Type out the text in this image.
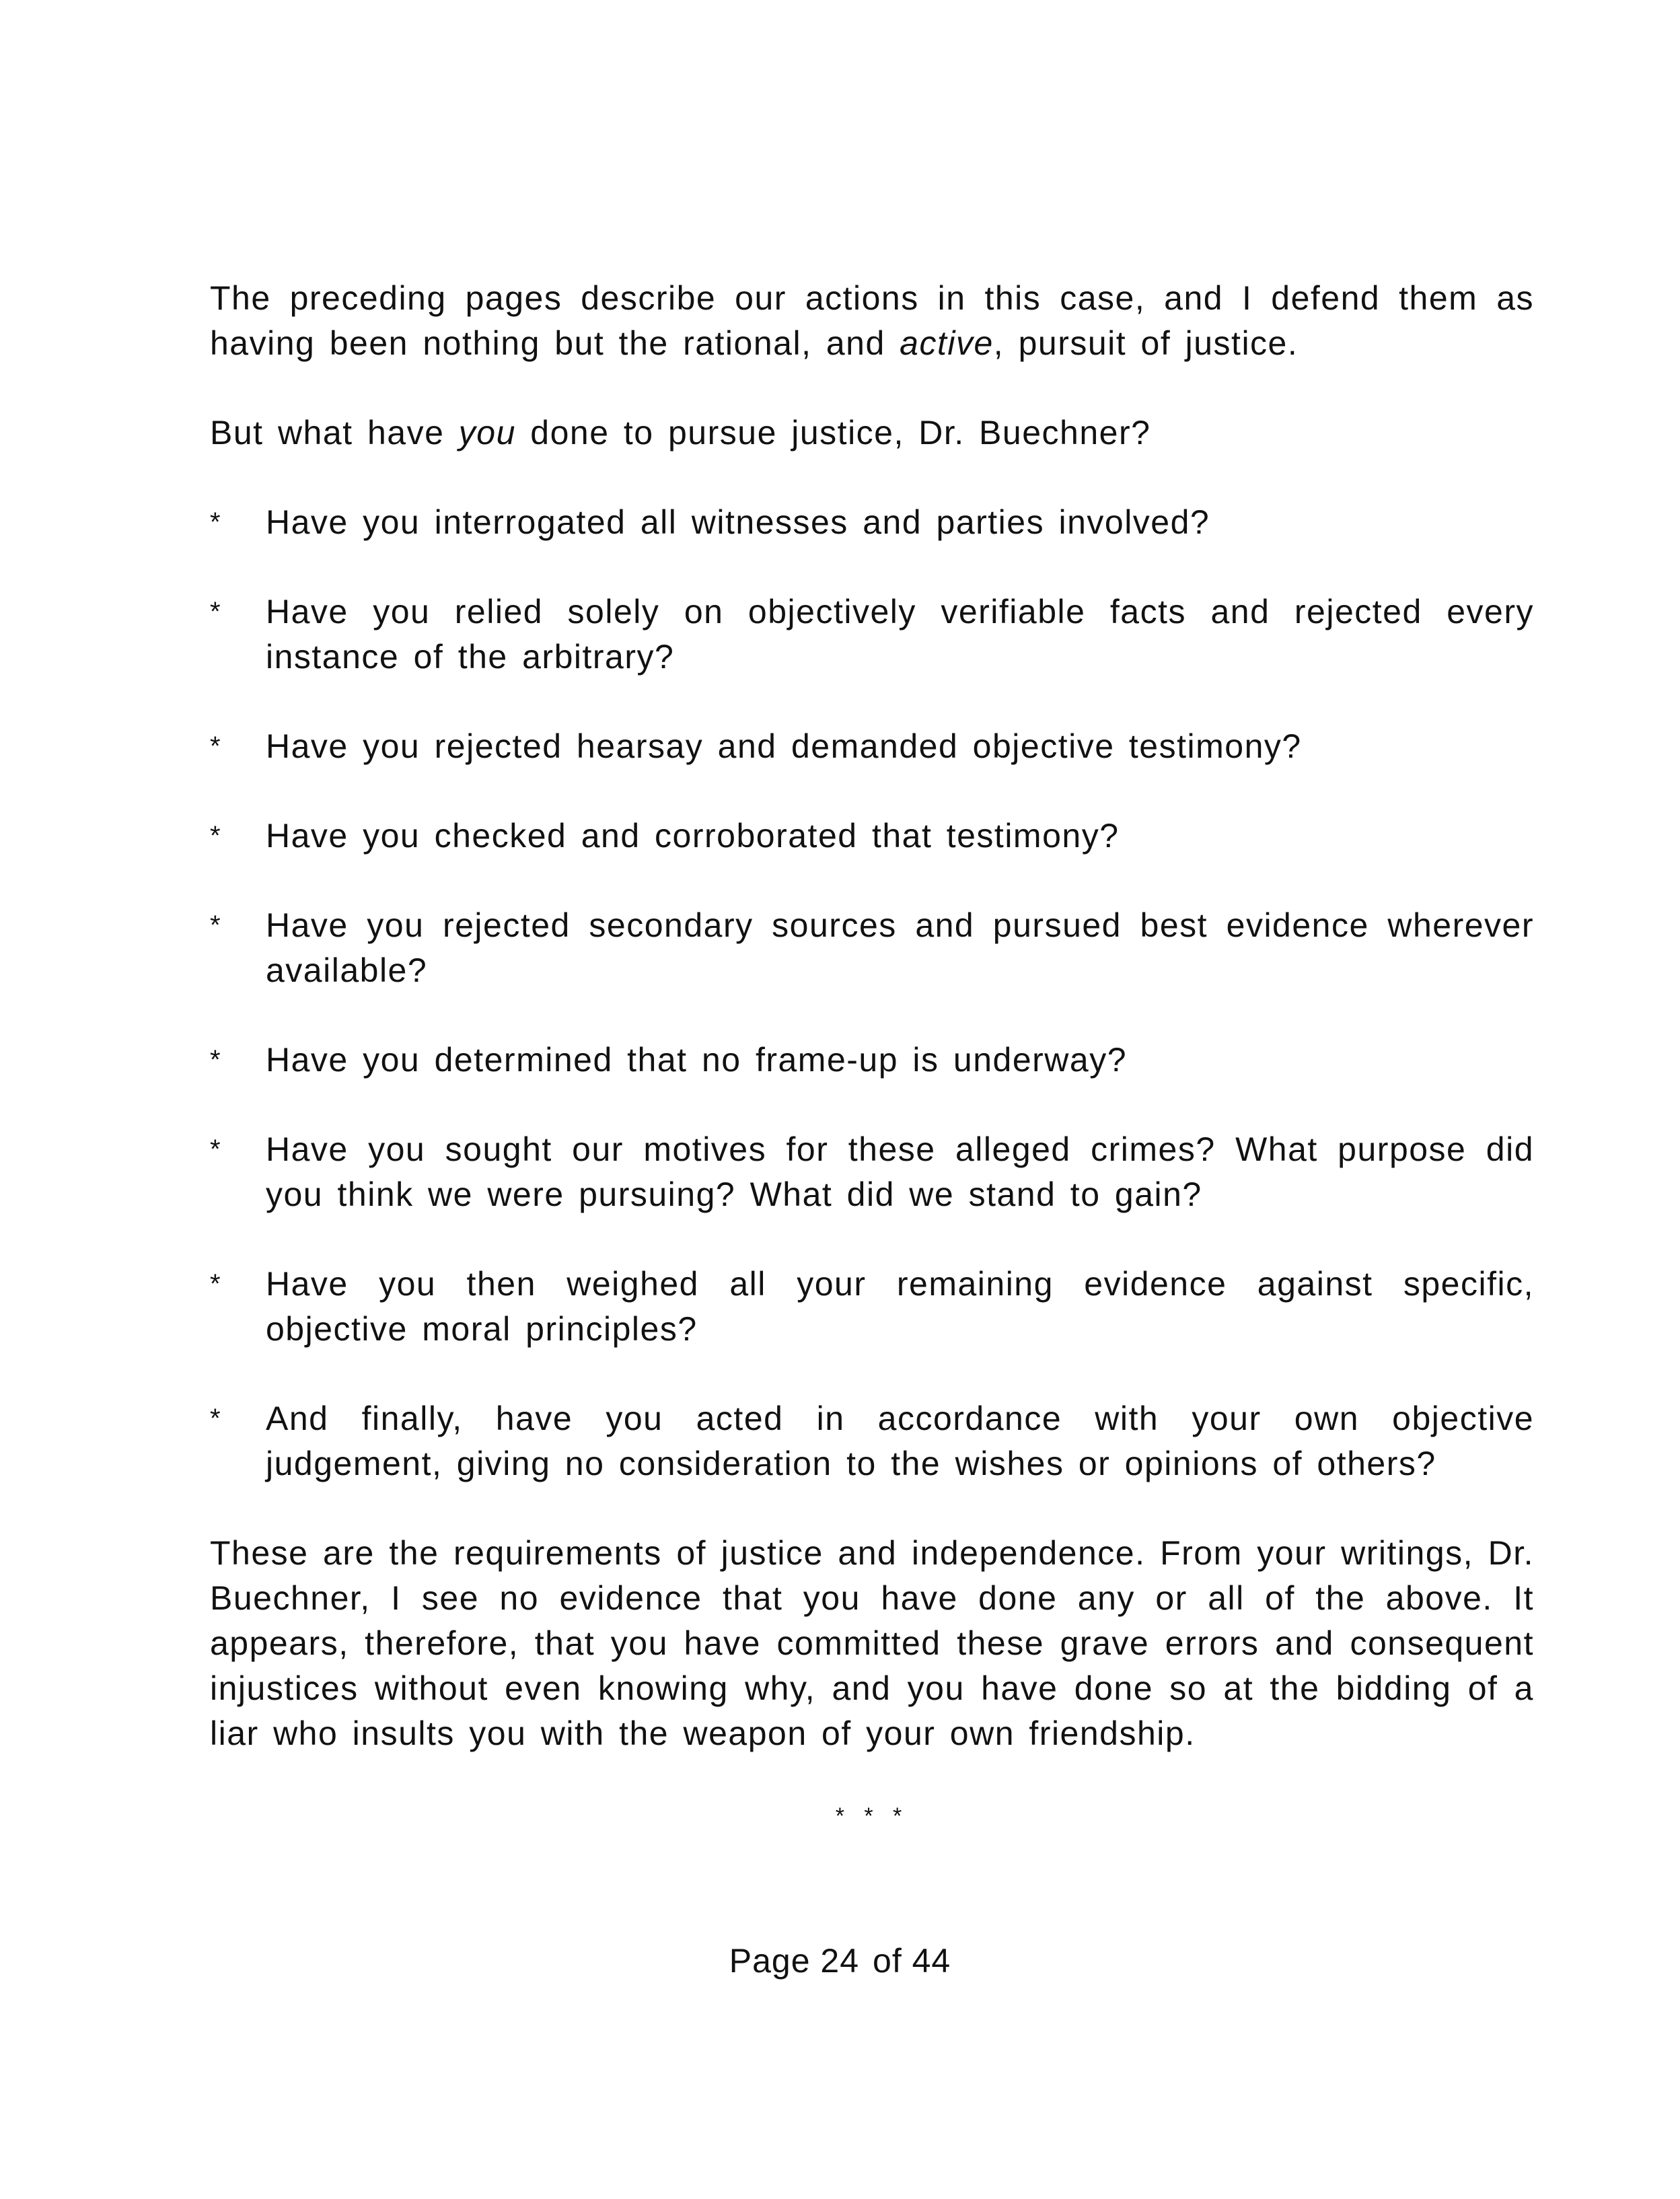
The preceding pages describe our actions in this case, and I defend them as having been nothing but the rational, and active, pursuit of justice.

But what have you done to pursue justice, Dr. Buechner?

* Have you interrogated all witnesses and parties involved?

* Have you relied solely on objectively verifiable facts and rejected every instance of the arbitrary?

* Have you rejected hearsay and demanded objective testimony?

* Have you checked and corroborated that testimony?

* Have you rejected secondary sources and pursued best evidence wherever available?

* Have you determined that no frame-up is underway?

* Have you sought our motives for these alleged crimes? What purpose did you think we were pursuing? What did we stand to gain?

* Have you then weighed all your remaining evidence against specific, objective moral principles?

* And finally, have you acted in accordance with your own objective judgement, giving no consideration to the wishes or opinions of others?

These are the requirements of justice and independence. From your writings, Dr. Buechner, I see no evidence that you have done any or all of the above. It appears, therefore, that you have committed these grave errors and consequent injustices without even knowing why, and you have done so at the bidding of a liar who insults you with the weapon of your own friendship.

* * *
Page 24 of 44
